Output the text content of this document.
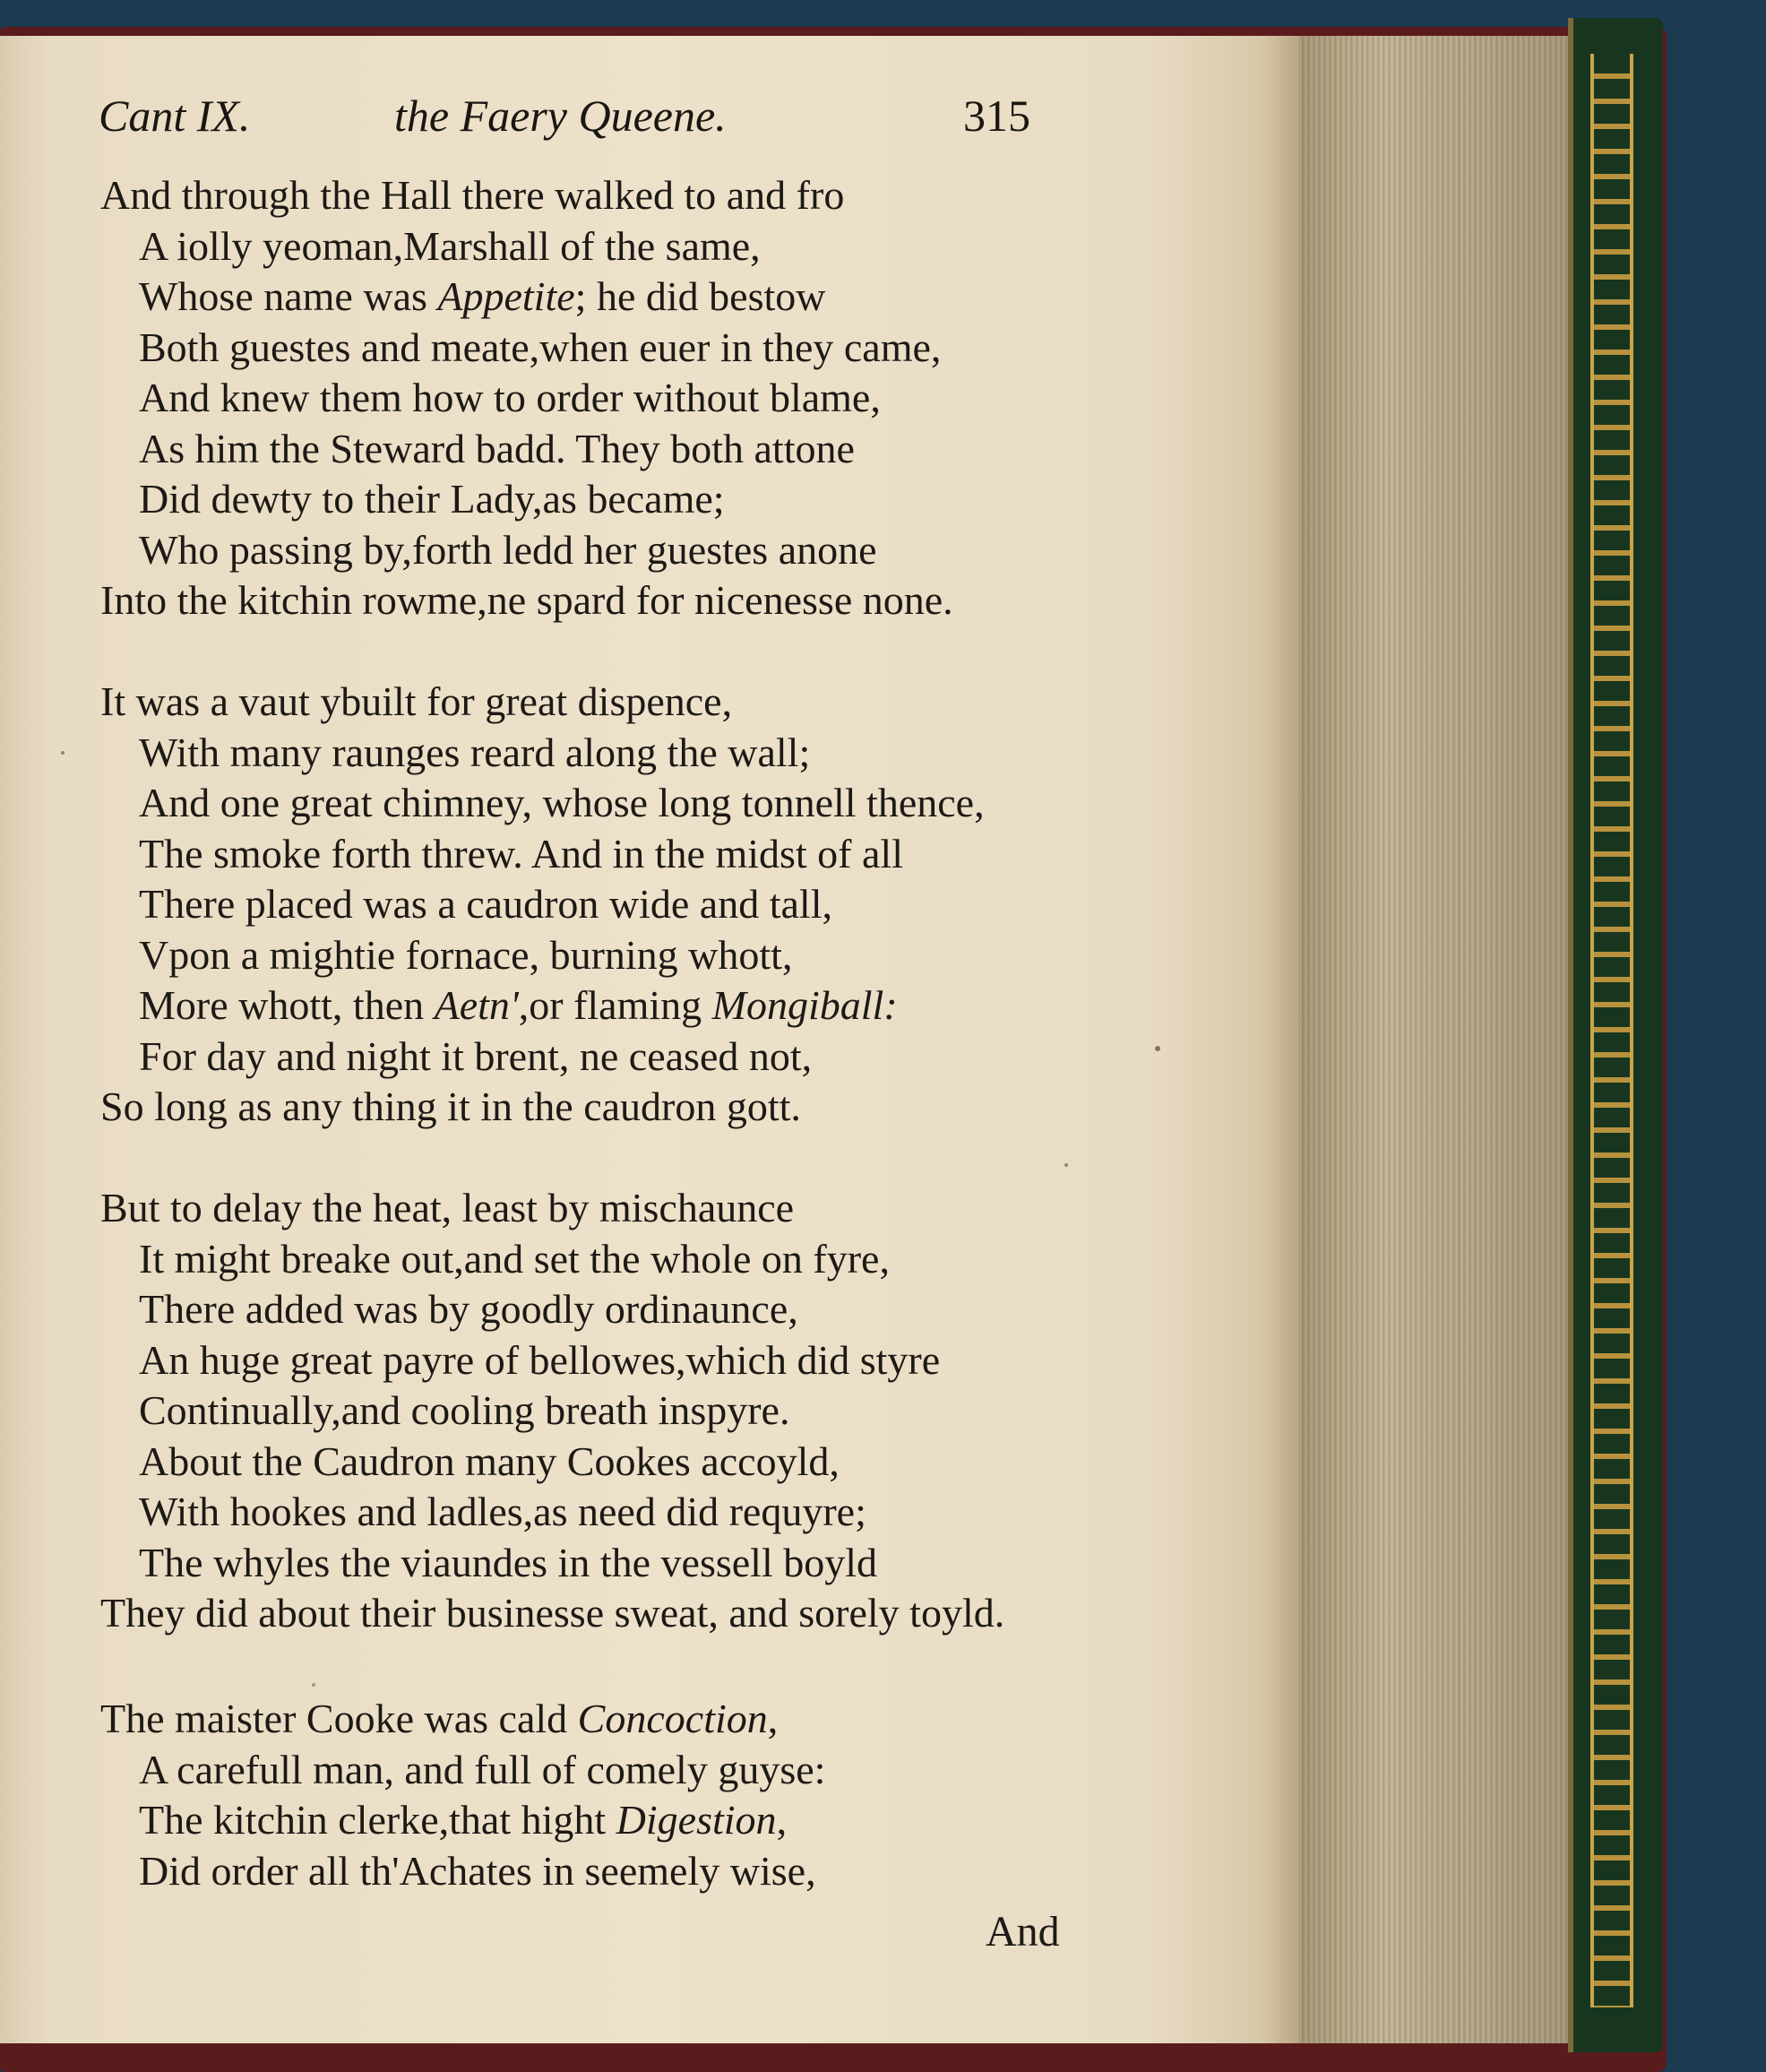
Cant IX.	the Faery Queene.	315
And through the Hall there walked to and fro
A iolly yeoman,Marshall of the same,
Whose name was Appetite; he did bestow
Both guestes and meate,when euer in they came,
And knew them how to order without blame,
As him the Steward badd. They both attone
Did dewty to their Lady,as became;
Who passing by,forth ledd her guestes anone
Into the kitchin rowme,ne spard for nicenesse none.
It was a vaut ybuilt for great dispence,
With many raunges reard along the wall;
And one great chimney, whose long tonnell thence,
The smoke forth threw. And in the midst of all
There placed was a caudron wide and tall,
Vpon a mightie fornace, burning whott,
More whott, then Aetn',or flaming Mongiball:
For day and night it brent, ne ceased not,
So long as any thing it in the caudron gott.
But to delay the heat, least by mischaunce
It might breake out,and set the whole on fyre,
There added was by goodly ordinaunce,
An huge great payre of bellowes,which did styre
Continually,and cooling breath inspyre.
About the Caudron many Cookes accoyld,
With hookes and ladles,as need did requyre;
The whyles the viaundes in the vessell boyld
They did about their businesse sweat, and sorely toyld.
The maister Cooke was cald Concoction,
A carefull man, and full of comely guyse:
The kitchin clerke,that hight Digestion,
Did order all th'Achates in seemely wise,
And
